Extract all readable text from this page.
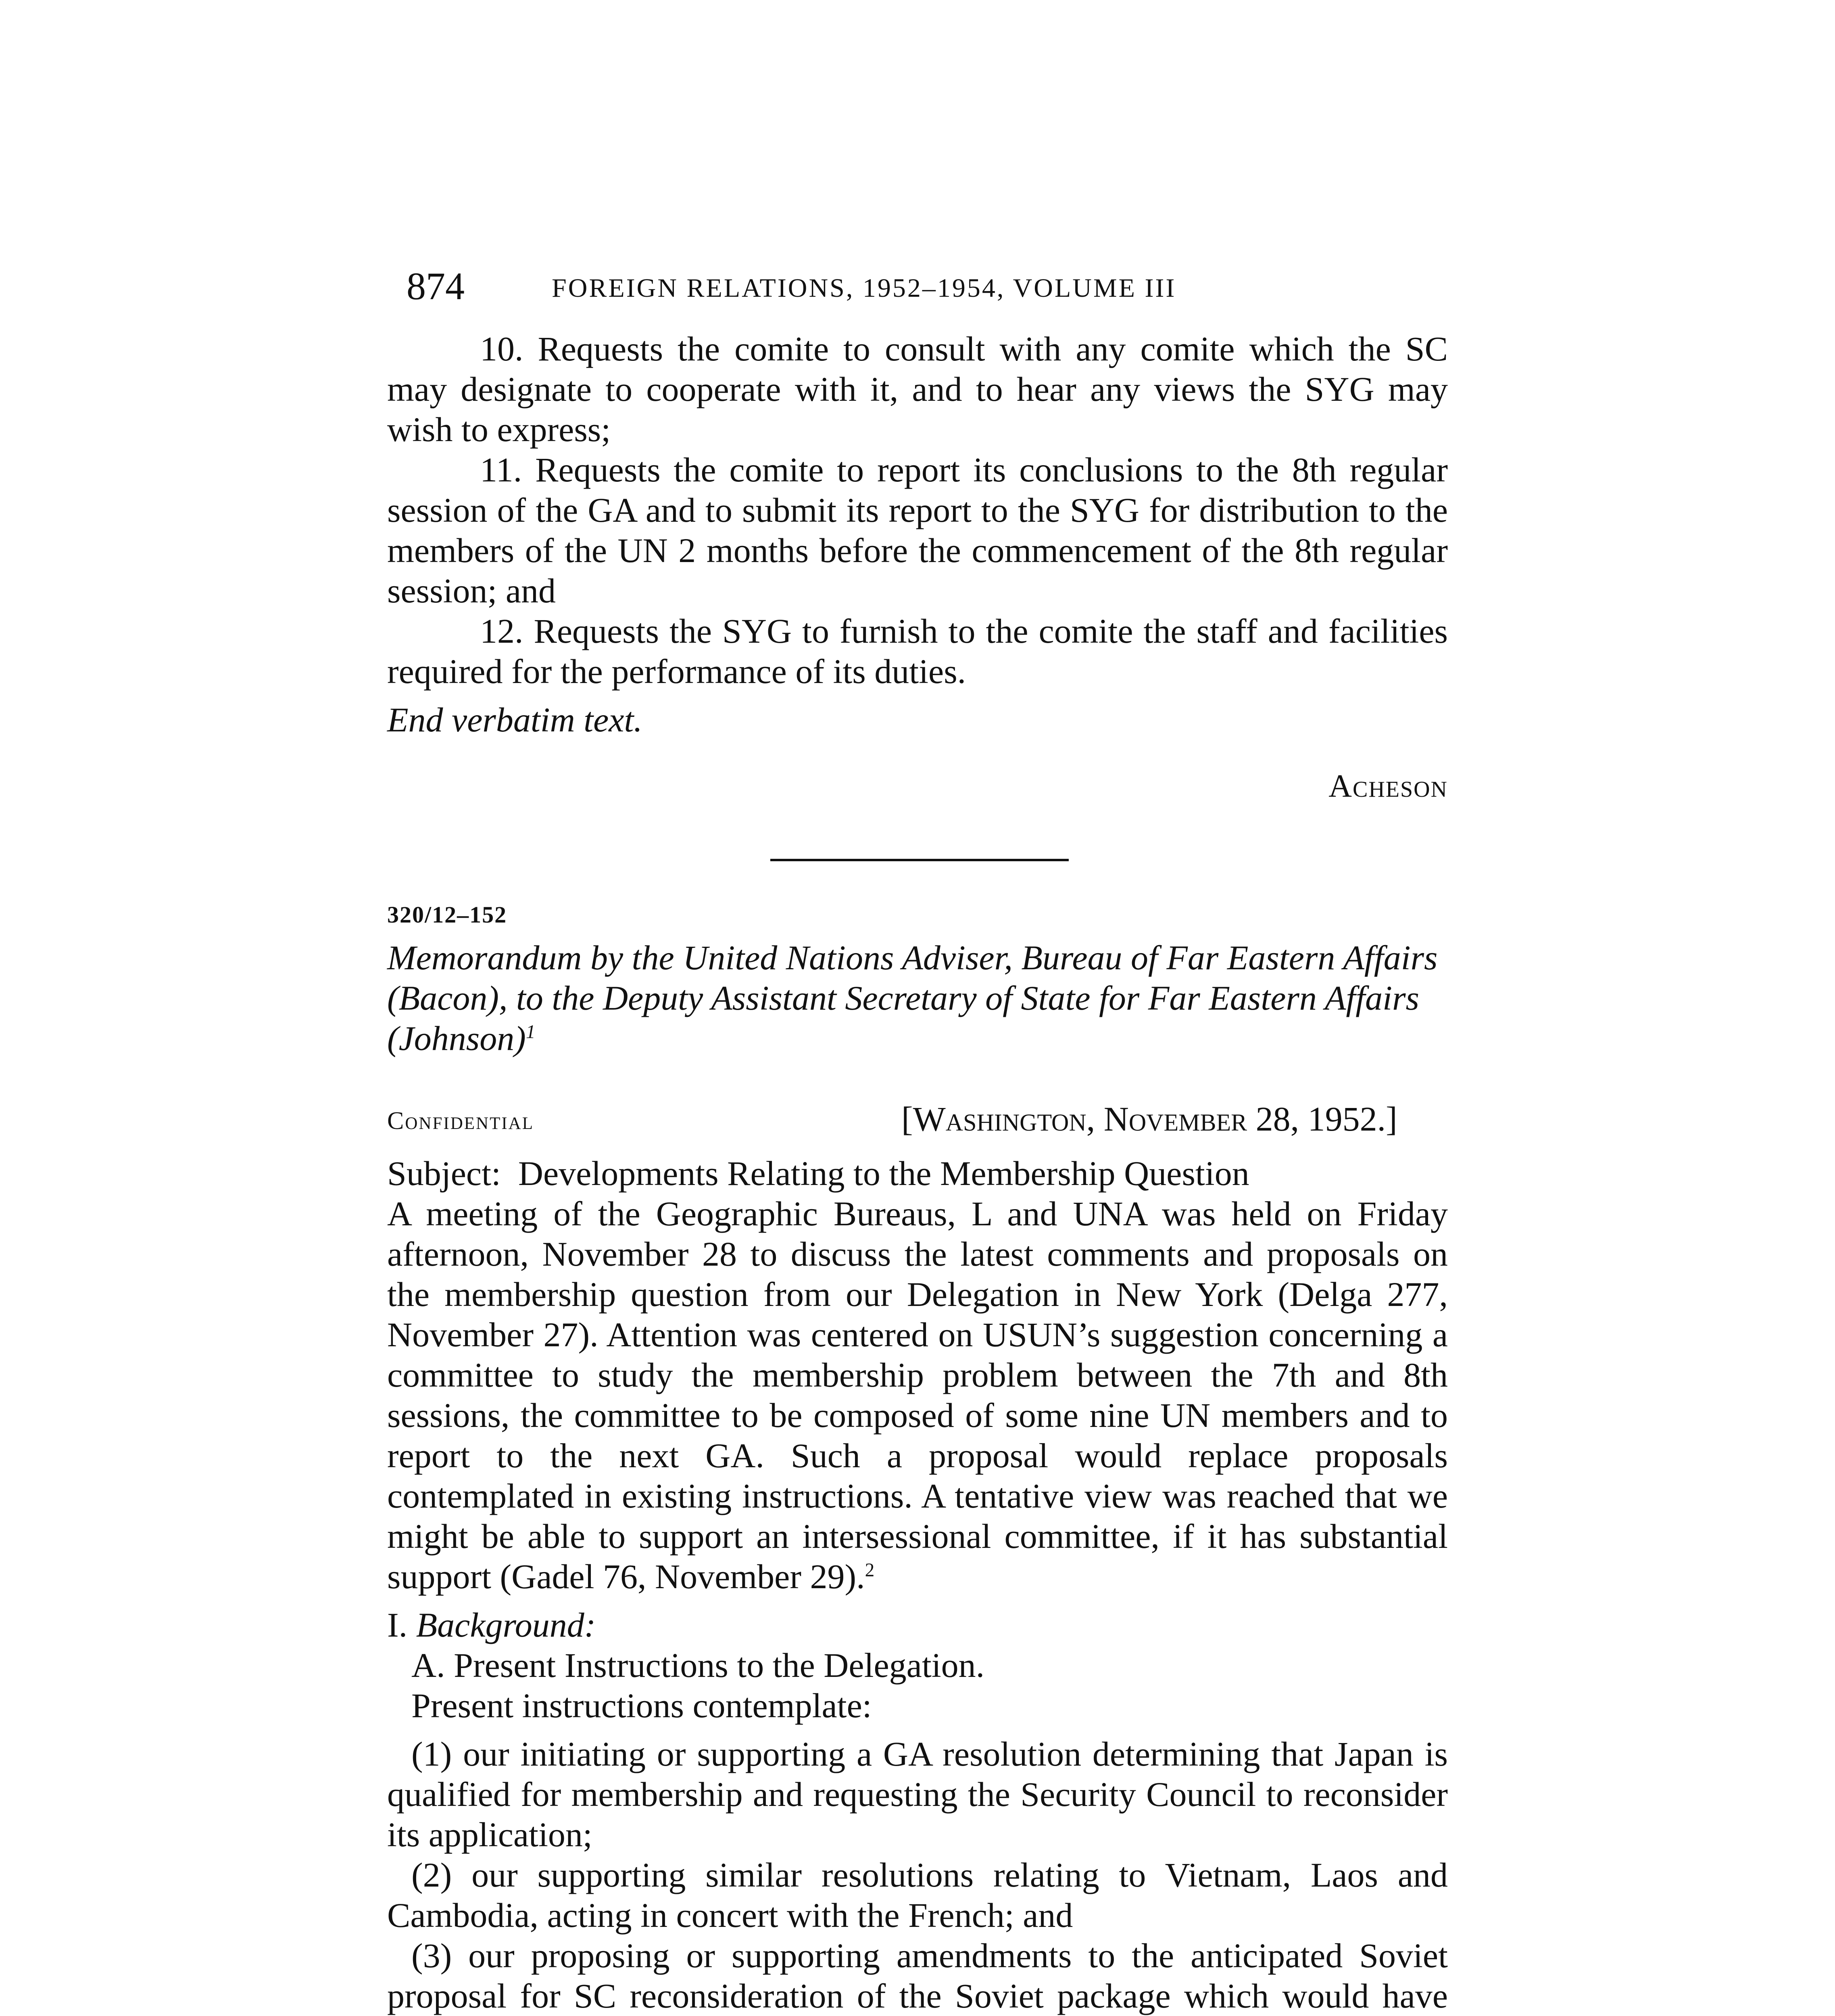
874	FOREIGN RELATIONS, 1952–1954, VOLUME III

10. Requests the comite to consult with any comite which the SC may designate to cooperate with it, and to hear any views the SYG may wish to express;

11. Requests the comite to report its conclusions to the 8th regular session of the GA and to submit its report to the SYG for distribution to the members of the UN 2 months before the commencement of the 8th regular session; and

12. Requests the SYG to furnish to the comite the staff and facilities required for the performance of its duties.

End verbatim text.

Acheson
320/12–152
Memorandum by the United Nations Adviser, Bureau of Far Eastern Affairs (Bacon), to the Deputy Assistant Secretary of State for Far Eastern Affairs (Johnson)$^1$
Confidential	[Washington, November 28, 1952.]

Subject: Developments Relating to the Membership Question

A meeting of the Geographic Bureaus, L and UNA was held on Friday afternoon, November 28 to discuss the latest comments and proposals on the membership question from our Delegation in New York (Delga 277, November 27). Attention was centered on USUN’s suggestion concerning a committee to study the membership problem between the 7th and 8th sessions, the committee to be composed of some nine UN members and to report to the next GA. Such a proposal would replace proposals contemplated in existing instructions. A tentative view was reached that we might be able to support an intersessional committee, if it has substantial support (Gadel 76, November 29).$^2$

I. Background:

A. Present Instructions to the Delegation.

Present instructions contemplate:

(1) our initiating or supporting a GA resolution determining that Japan is qualified for membership and requesting the Security Council to reconsider its application;

(2) our supporting similar resolutions relating to Vietnam, Laos and Cambodia, acting in concert with the French; and

(3) our proposing or supporting amendments to the anticipated Soviet proposal for SC reconsideration of the Soviet package which would have
